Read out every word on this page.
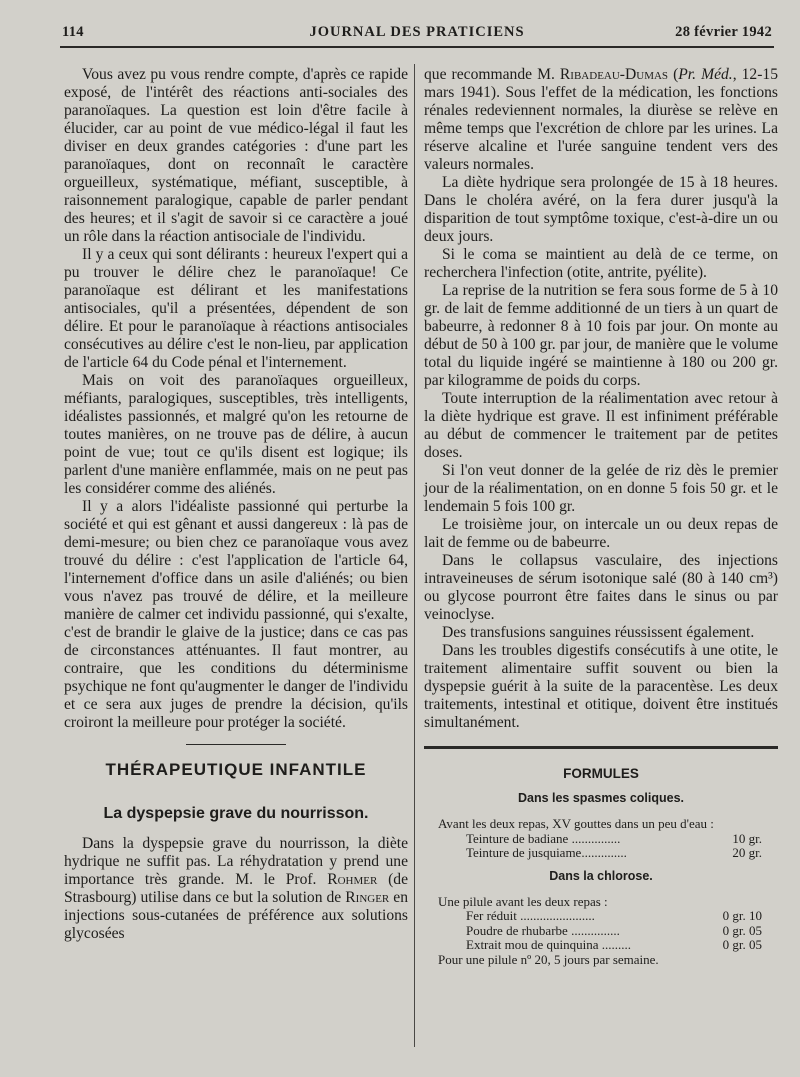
114	JOURNAL DES PRATICIENS	28 février 1942

Vous avez pu vous rendre compte, d'après ce rapide exposé, de l'intérêt des réactions anti-sociales des paranoïaques. La question est loin d'être facile à élucider, car au point de vue médico-légal il faut les diviser en deux grandes catégories : d'une part les paranoïaques, dont on reconnaît le caractère orgueilleux, systématique, méfiant, susceptible, à raisonnement paralogique, capable de parler pendant des heures; et il s'agit de savoir si ce caractère a joué un rôle dans la réaction antisociale de l'individu.

Il y a ceux qui sont délirants : heureux l'expert qui a pu trouver le délire chez le paranoïaque! Ce paranoïaque est délirant et les manifestations antisociales, qu'il a présentées, dépendent de son délire. Et pour le paranoïaque à réactions antisociales consécutives au délire c'est le non-lieu, par application de l'article 64 du Code pénal et l'internement.

Mais on voit des paranoïaques orgueilleux, méfiants, paralogiques, susceptibles, très intelligents, idéalistes passionnés, et malgré qu'on les retourne de toutes manières, on ne trouve pas de délire, à aucun point de vue; tout ce qu'ils disent est logique; ils parlent d'une manière enflammée, mais on ne peut pas les considérer comme des aliénés.

Il y a alors l'idéaliste passionné qui perturbe la société et qui est gênant et aussi dangereux : là pas de demi-mesure; ou bien chez ce paranoïaque vous avez trouvé du délire : c'est l'application de l'article 64, l'internement d'office dans un asile d'aliénés; ou bien vous n'avez pas trouvé de délire, et la meilleure manière de calmer cet individu passionné, qui s'exalte, c'est de brandir le glaive de la justice; dans ce cas pas de circonstances atténuantes. Il faut montrer, au contraire, que les conditions du déterminisme psychique ne font qu'augmenter le danger de l'individu et ce sera aux juges de prendre la décision, qu'ils croiront la meilleure pour protéger la société.

THÉRAPEUTIQUE INFANTILE
La dyspepsie grave du nourrisson.

Dans la dyspepsie grave du nourrisson, la diète hydrique ne suffit pas. La réhydratation y prend une importance très grande. M. le Prof. Rohmer (de Strasbourg) utilise dans ce but la solution de Ringer en injections sous-cutanées de préférence aux solutions glycosées

que recommande M. Ribadeau-Dumas (Pr. Méd., 12-15 mars 1941). Sous l'effet de la médication, les fonctions rénales redeviennent normales, la diurèse se relève en même temps que l'excrétion de chlore par les urines. La réserve alcaline et l'urée sanguine tendent vers des valeurs normales.

La diète hydrique sera prolongée de 15 à 18 heures. Dans le choléra avéré, on la fera durer jusqu'à la disparition de tout symptôme toxique, c'est-à-dire un ou deux jours.

Si le coma se maintient au delà de ce terme, on recherchera l'infection (otite, antrite, pyélite).

La reprise de la nutrition se fera sous forme de 5 à 10 gr. de lait de femme additionné de un tiers à un quart de babeurre, à redonner 8 à 10 fois par jour. On monte au début de 50 à 100 gr. par jour, de manière que le volume total du liquide ingéré se maintienne à 180 ou 200 gr. par kilogramme de poids du corps.

Toute interruption de la réalimentation avec retour à la diète hydrique est grave. Il est infiniment préférable au début de commencer le traitement par de petites doses.

Si l'on veut donner de la gelée de riz dès le premier jour de la réalimentation, on en donne 5 fois 50 gr. et le lendemain 5 fois 100 gr.

Le troisième jour, on intercale un ou deux repas de lait de femme ou de babeurre.

Dans le collapsus vasculaire, des injections intraveineuses de sérum isotonique salé (80 à 140 cm³) ou glycose pourront être faites dans le sinus ou par veinoclyse.

Des transfusions sanguines réussissent également.

Dans les troubles digestifs consécutifs à une otite, le traitement alimentaire suffit souvent ou bien la dyspepsie guérit à la suite de la paracentèse. Les deux traitements, intestinal et otitique, doivent être institués simultanément.

FORMULES
Dans les spasmes coliques.
Avant les deux repas, XV gouttes dans un peu d'eau :
Teinture de badiane ...............	10 gr.
Teinture de jusquiame..............	20 gr.
Dans la chlorose.
Une pilule avant les deux repas :
Fer réduit .......................	0 gr. 10
Poudre de rhubarbe ...............	0 gr. 05
Extrait mou de quinquina .........	0 gr. 05
Pour une pilule nº 20, 5 jours par semaine.
